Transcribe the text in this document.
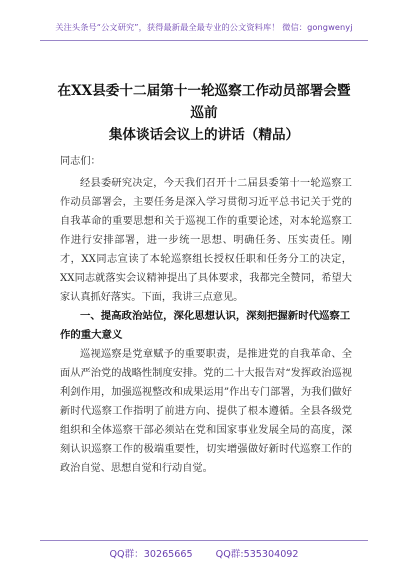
关注头条号“公文研究”，获得最新最全最专业的公文资料库！ 微信：gongwenyj
在XX县委十二届第十一轮巡察工作动员部署会暨巡前
集体谈话会议上的讲话（精品）

同志们：

经县委研究决定，今天我们召开十二届县委第十一轮巡察工作动员部署会，主要任务是深入学习贯彻习近平总书记关于党的自我革命的重要思想和关于巡视工作的重要论述，对本轮巡察工作进行安排部署，进一步统一思想、明确任务、压实责任。刚才，XX同志宣读了本轮巡察组长授权任职和任务分工的决定，XX同志就落实会议精神提出了具体要求，我都完全赞同，希望大家认真抓好落实。下面，我讲三点意见。

一、提高政治站位，深化思想认识，深刻把握新时代巡察工作的重大意义

巡视巡察是党章赋予的重要职责，是推进党的自我革命、全面从严治党的战略性制度安排。党的二十大报告对“发挥政治巡视利剑作用，加强巡视整改和成果运用”作出专门部署，为我们做好新时代巡察工作指明了前进方向、提供了根本遵循。全县各级党组织和全体巡察干部必须站在党和国家事业发展全局的高度，深刻认识巡察工作的极端重要性，切实增强做好新时代巡察工作的政治自觉、思想自觉和行动自觉。

QQ群：30265665 QQ群:535304092
